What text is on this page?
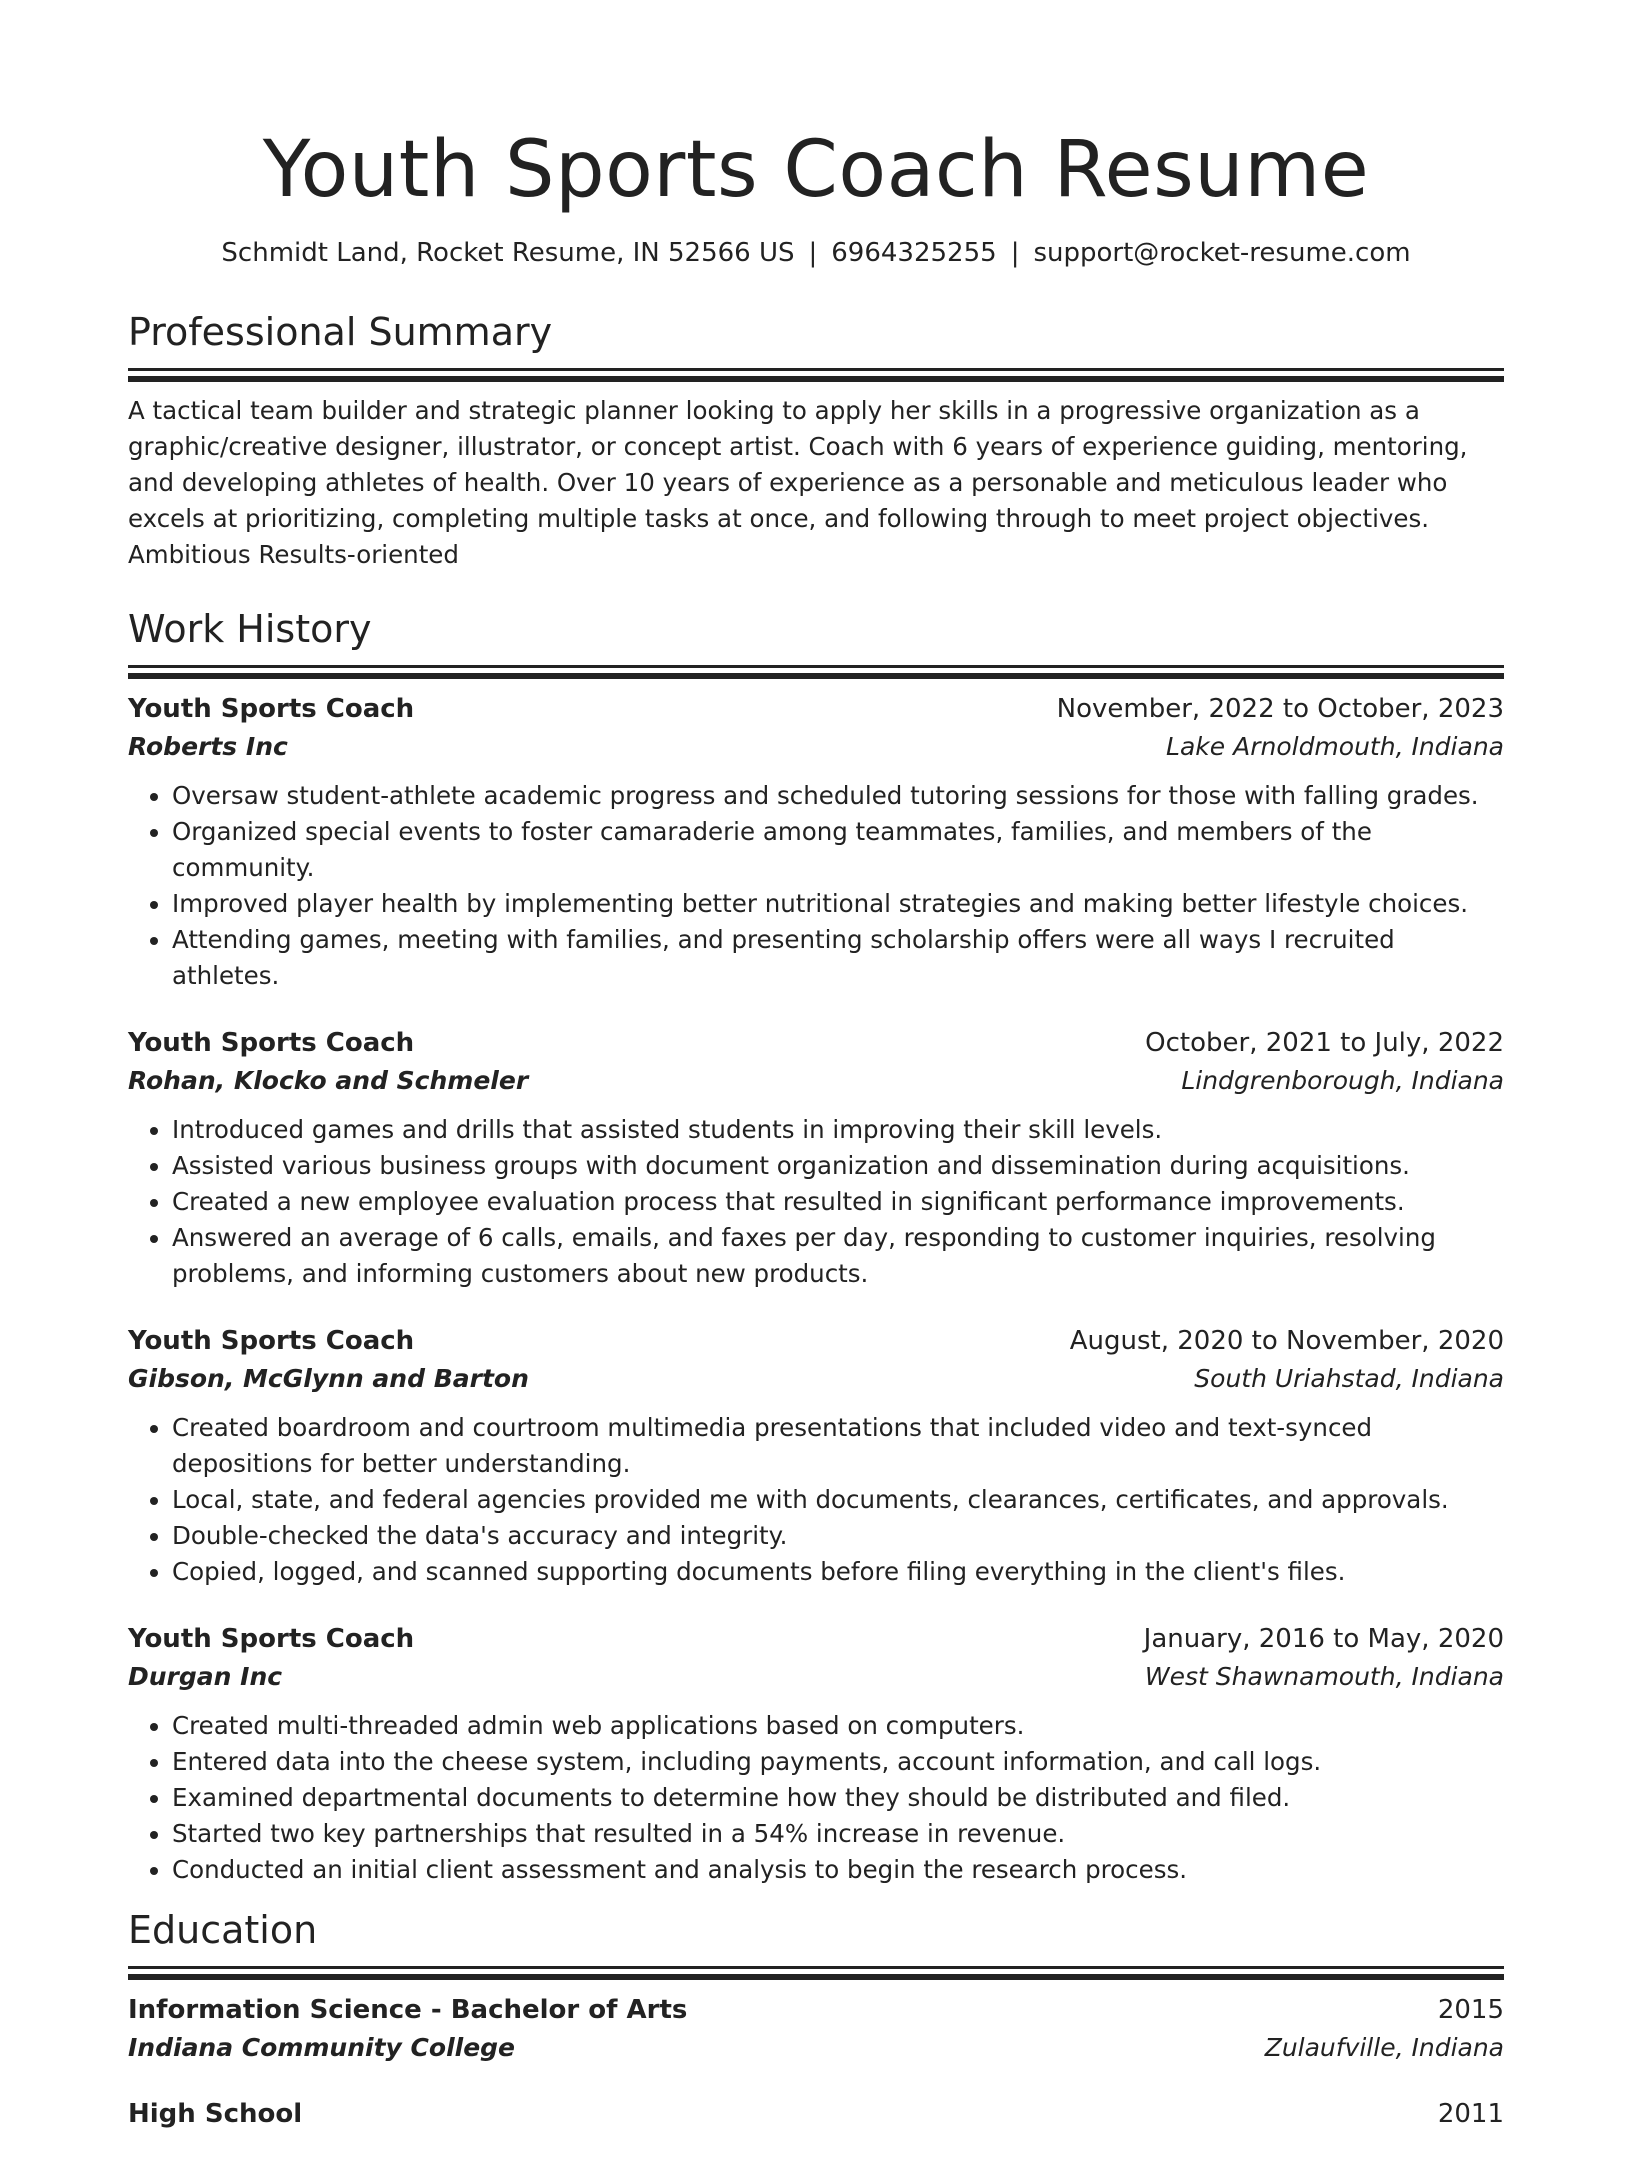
Youth Sports Coach Resume
Schmidt Land, Rocket Resume, IN 52566 US | 6964325255 | support@rocket-resume.com
Professional Summary

A tactical team builder and strategic planner looking to apply her skills in a progressive organization as a graphic/creative designer, illustrator, or concept artist. Coach with 6 years of experience guiding, mentoring, and developing athletes of health. Over 10 years of experience as a personable and meticulous leader who excels at prioritizing, completing multiple tasks at once, and following through to meet project objectives. Ambitious Results-oriented

Work History
Youth Sports Coach	November, 2022 to October, 2023
Roberts Inc	Lake Arnoldmouth, Indiana
• Oversaw student-athlete academic progress and scheduled tutoring sessions for those with falling grades.
• Organized special events to foster camaraderie among teammates, families, and members of the community.
• Improved player health by implementing better nutritional strategies and making better lifestyle choices.
• Attending games, meeting with families, and presenting scholarship offers were all ways I recruited athletes.
Youth Sports Coach	October, 2021 to July, 2022
Rohan, Klocko and Schmeler	Lindgrenborough, Indiana
• Introduced games and drills that assisted students in improving their skill levels.
• Assisted various business groups with document organization and dissemination during acquisitions.
• Created a new employee evaluation process that resulted in significant performance improvements.
• Answered an average of 6 calls, emails, and faxes per day, responding to customer inquiries, resolving problems, and informing customers about new products.
Youth Sports Coach	August, 2020 to November, 2020
Gibson, McGlynn and Barton	South Uriahstad, Indiana
• Created boardroom and courtroom multimedia presentations that included video and text-synced depositions for better understanding.
• Local, state, and federal agencies provided me with documents, clearances, certificates, and approvals.
• Double-checked the data's accuracy and integrity.
• Copied, logged, and scanned supporting documents before filing everything in the client's files.
Youth Sports Coach	January, 2016 to May, 2020
Durgan Inc	West Shawnamouth, Indiana
• Created multi-threaded admin web applications based on computers.
• Entered data into the cheese system, including payments, account information, and call logs.
• Examined departmental documents to determine how they should be distributed and filed.
• Started two key partnerships that resulted in a 54% increase in revenue.
• Conducted an initial client assessment and analysis to begin the research process.
Education
Information Science - Bachelor of Arts	2015
Indiana Community College	Zulaufville, Indiana
High School	2011
